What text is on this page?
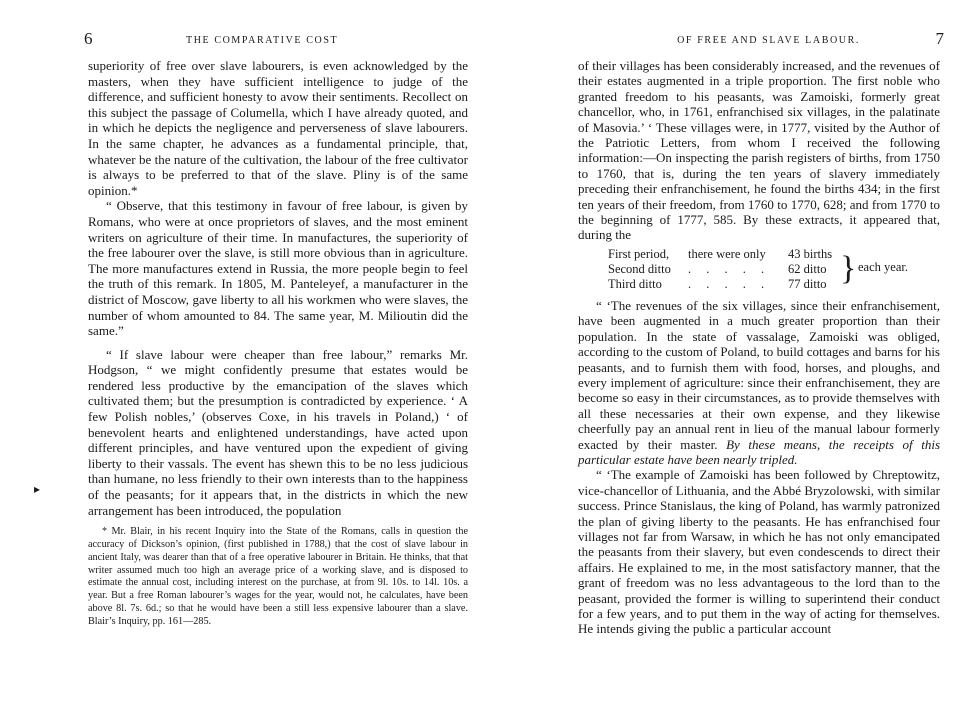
6	THE COMPARATIVE COST

superiority of free over slave labourers, is even acknowledged by the masters, when they have sufficient intelligence to judge of the difference, and sufficient honesty to avow their sentiments. Recollect on this subject the passage of Columella, which I have already quoted, and in which he depicts the negligence and perverseness of slave labourers. In the same chapter, he advances as a fundamental principle, that, whatever be the nature of the cultivation, the labour of the free cultivator is always to be preferred to that of the slave. Pliny is of the same opinion.*

“ Observe, that this testimony in favour of free labour, is given by Romans, who were at once proprietors of slaves, and the most eminent writers on agriculture of their time. In manufactures, the superiority of the free labourer over the slave, is still more obvious than in agriculture. The more manufactures extend in Russia, the more people begin to feel the truth of this remark. In 1805, M. Panteleyef, a manufacturer in the district of Moscow, gave liberty to all his workmen who were slaves, the number of whom amounted to 84. The same year, M. Milioutin did the same.”

“ If slave labour were cheaper than free labour,” remarks Mr. Hodgson, “ we might confidently presume that estates would be rendered less productive by the emancipation of the slaves which cultivated them; but the presumption is contradicted by experience. ‘ A few Polish nobles,’ (observes Coxe, in his travels in Poland,) ‘ of benevolent hearts and enlightened understandings, have acted upon different principles, and have ventured upon the expedient of giving liberty to their vassals. The event has shewn this to be no less judicious than humane, no less friendly to their own interests than to the happiness of the peasants; for it appears that, in the districts in which the new arrangement has been introduced, the population

* Mr. Blair, in his recent Inquiry into the State of the Romans, calls in question the accuracy of Dickson’s opinion, (first published in 1788,) that the cost of slave labour in ancient Italy, was dearer than that of a free operative labourer in Britain. He thinks, that that writer assumed much too high an average price of a working slave, and is disposed to estimate the annual cost, including interest on the purchase, at from 9l. 10s. to 14l. 10s. a year. But a free Roman labourer’s wages for the year, would not, he calculates, have been above 8l. 7s. 6d.; so that he would have been a still less expensive labourer than a slave. Blair’s Inquiry, pp. 161—285.

▸
OF FREE AND SLAVE LABOUR.	7

of their villages has been considerably increased, and the revenues of their estates augmented in a triple proportion. The first noble who granted freedom to his peasants, was Zamoiski, formerly great chancellor, who, in 1761, enfranchised six villages, in the palatinate of Masovia.’ ‘ These villages were, in 1777, visited by the Author of the Patriotic Letters, from whom I received the following information:—On inspecting the parish registers of births, from 1750 to 1760, that is, during the ten years of slavery immediately preceding their enfranchisement, he found the births 434; in the first ten years of their freedom, from 1760 to 1770, 628; and from 1770 to the beginning of 1777, 585. By these extracts, it appeared that, during the

First period,	there were only	43 births
Second ditto	. . . . .	62 ditto
Third ditto	. . . . .	77 ditto } each year.

“ ‘The revenues of the six villages, since their enfranchisement, have been augmented in a much greater proportion than their population. In the state of vassalage, Zamoiski was obliged, according to the custom of Poland, to build cottages and barns for his peasants, and to furnish them with food, horses, and ploughs, and every implement of agriculture: since their enfranchisement, they are become so easy in their circumstances, as to provide themselves with all these necessaries at their own expense, and they likewise cheerfully pay an annual rent in lieu of the manual labour formerly exacted by their master. By these means, the receipts of this particular estate have been nearly tripled.

“ ‘The example of Zamoiski has been followed by Chreptowitz, vice-chancellor of Lithuania, and the Abbé Bryzolowski, with similar success. Prince Stanislaus, the king of Poland, has warmly patronized the plan of giving liberty to the peasants. He has enfranchised four villages not far from Warsaw, in which he has not only emancipated the peasants from their slavery, but even condescends to direct their affairs. He explained to me, in the most satisfactory manner, that the grant of freedom was no less advantageous to the lord than to the peasant, provided the former is willing to superintend their conduct for a few years, and to put them in the way of acting for themselves. He intends giving the public a particular account
